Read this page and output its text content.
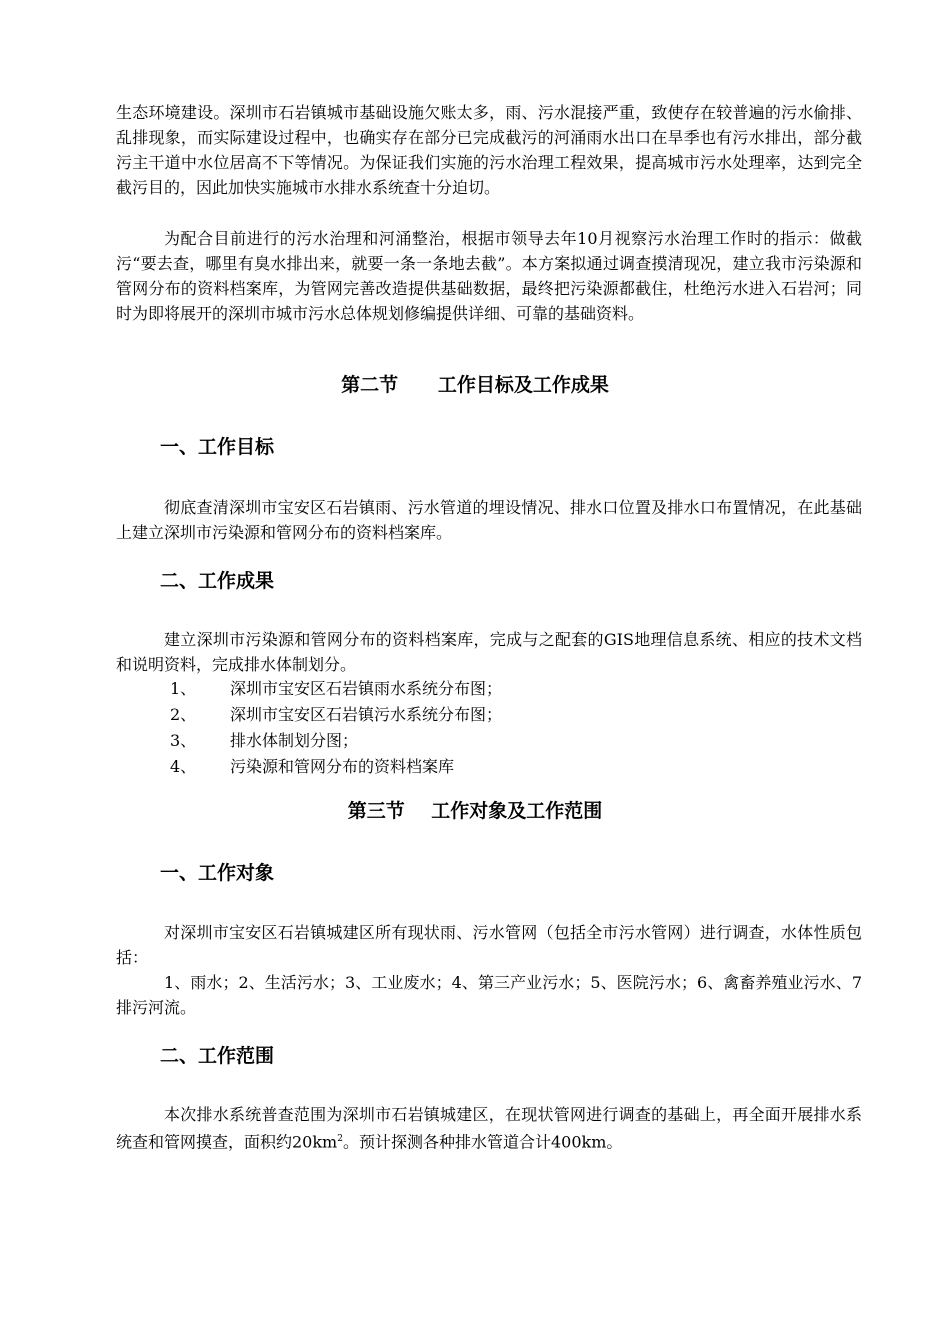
生态环境建设。深圳市石岩镇城市基础设施欠账太多，雨、污水混接严重，致使存在较普遍的污水偷排、乱排现象，而实际建设过程中，也确实存在部分已完成截污的河涌雨水出口在旱季也有污水排出，部分截污主干道中水位居高不下等情况。为保证我们实施的污水治理工程效果，提高城市污水处理率，达到完全截污目的，因此加快实施城市水排水系统查十分迫切。

为配合目前进行的污水治理和河涌整治，根据市领导去年10月视察污水治理工作时的指示：做截污“要去查，哪里有臭水排出来，就要一条一条地去截”。本方案拟通过调查摸清现况，建立我市污染源和管网分布的资料档案库，为管网完善改造提供基础数据，最终把污染源都截住，杜绝污水进入石岩河；同时为即将展开的深圳市城市污水总体规划修编提供详细、可靠的基础资料。

第二节      工作目标及工作成果
一、工作目标

彻底查清深圳市宝安区石岩镇雨、污水管道的埋设情况、排水口位置及排水口布置情况，在此基础上建立深圳市污染源和管网分布的资料档案库。

二、工作成果

建立深圳市污染源和管网分布的资料档案库，完成与之配套的GIS地理信息系统、相应的技术文档和说明资料，完成排水体制划分。

1、	深圳市宝安区石岩镇雨水系统分布图；
2、	深圳市宝安区石岩镇污水系统分布图；
3、	排水体制划分图；
4、	污染源和管网分布的资料档案库
第三节    工作对象及工作范围
一、工作对象

对深圳市宝安区石岩镇城建区所有现状雨、污水管网（包括全市污水管网）进行调查，水体性质包括：

1、雨水；2、生活污水；3、工业废水；4、第三产业污水；5、医院污水；6、禽畜养殖业污水、7排污河流。

二、工作范围

本次排水系统普查范围为深圳市石岩镇城建区，在现状管网进行调查的基础上，再全面开展排水系统查和管网摸查，面积约$20km^2$。预计探测各种排水管道合计400km。
